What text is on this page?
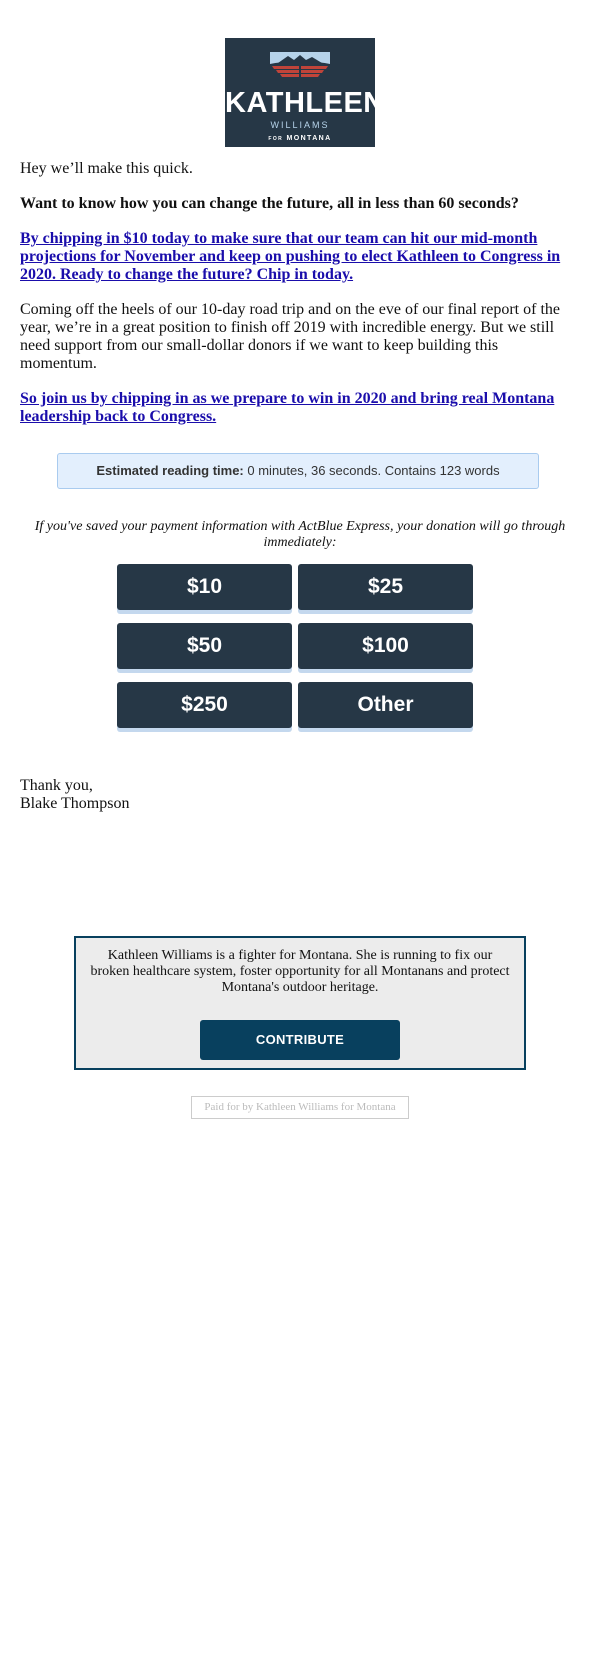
KATHLEEN
WILLIAMS
FOR MONTANA

Hey we’ll make this quick.

Want to know how you can change the future, all in less than 60 seconds?

By chipping in $10 today to make sure that our team can hit our mid-month projections for November and keep on pushing to elect Kathleen to Congress in 2020. Ready to change the future? Chip in today.

Coming off the heels of our 10-day road trip and on the eve of our final report of the year, we’re in a great position to finish off 2019 with incredible energy. But we still need support from our small-dollar donors if we want to keep building this momentum.

So join us by chipping in as we prepare to win in 2020 and bring real Montana leadership back to Congress.

Estimated reading time: 0 minutes, 36 seconds. Contains 123 words
If you've saved your payment information with ActBlue Express, your donation will go through immediately:
$10	$25
$50	$100
$250	Other
Thank you,
Blake Thompson
Kathleen Williams is a fighter for Montana. She is running to fix our broken healthcare system, foster opportunity for all Montanans and protect Montana's outdoor heritage.
CONTRIBUTE
Paid for by Kathleen Williams for Montana
